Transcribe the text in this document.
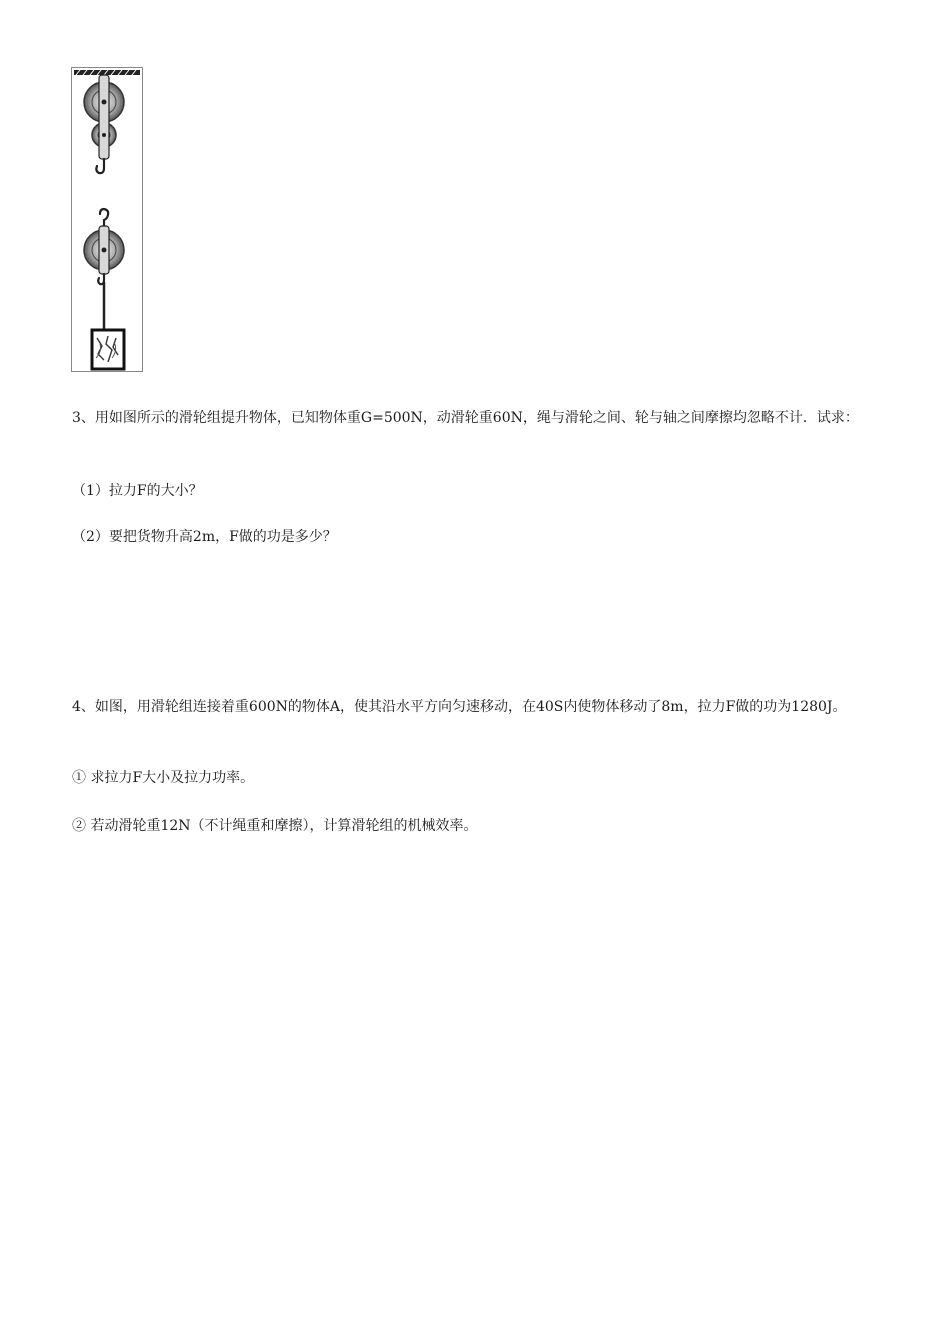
3、用如图所示的滑轮组提升物体，已知物体重G=500N，动滑轮重60N，绳与滑轮之间、轮与轴之间摩擦均忽略不计．试求：

（1）拉力F的大小？

（2）要把货物升高2m，F做的功是多少？

4、如图，用滑轮组连接着重600N的物体A，使其沿水平方向匀速移动，在40S内使物体移动了8m，拉力F做的功为1280J。

① 求拉力F大小及拉力功率。

② 若动滑轮重12N（不计绳重和摩擦），计算滑轮组的机械效率。
